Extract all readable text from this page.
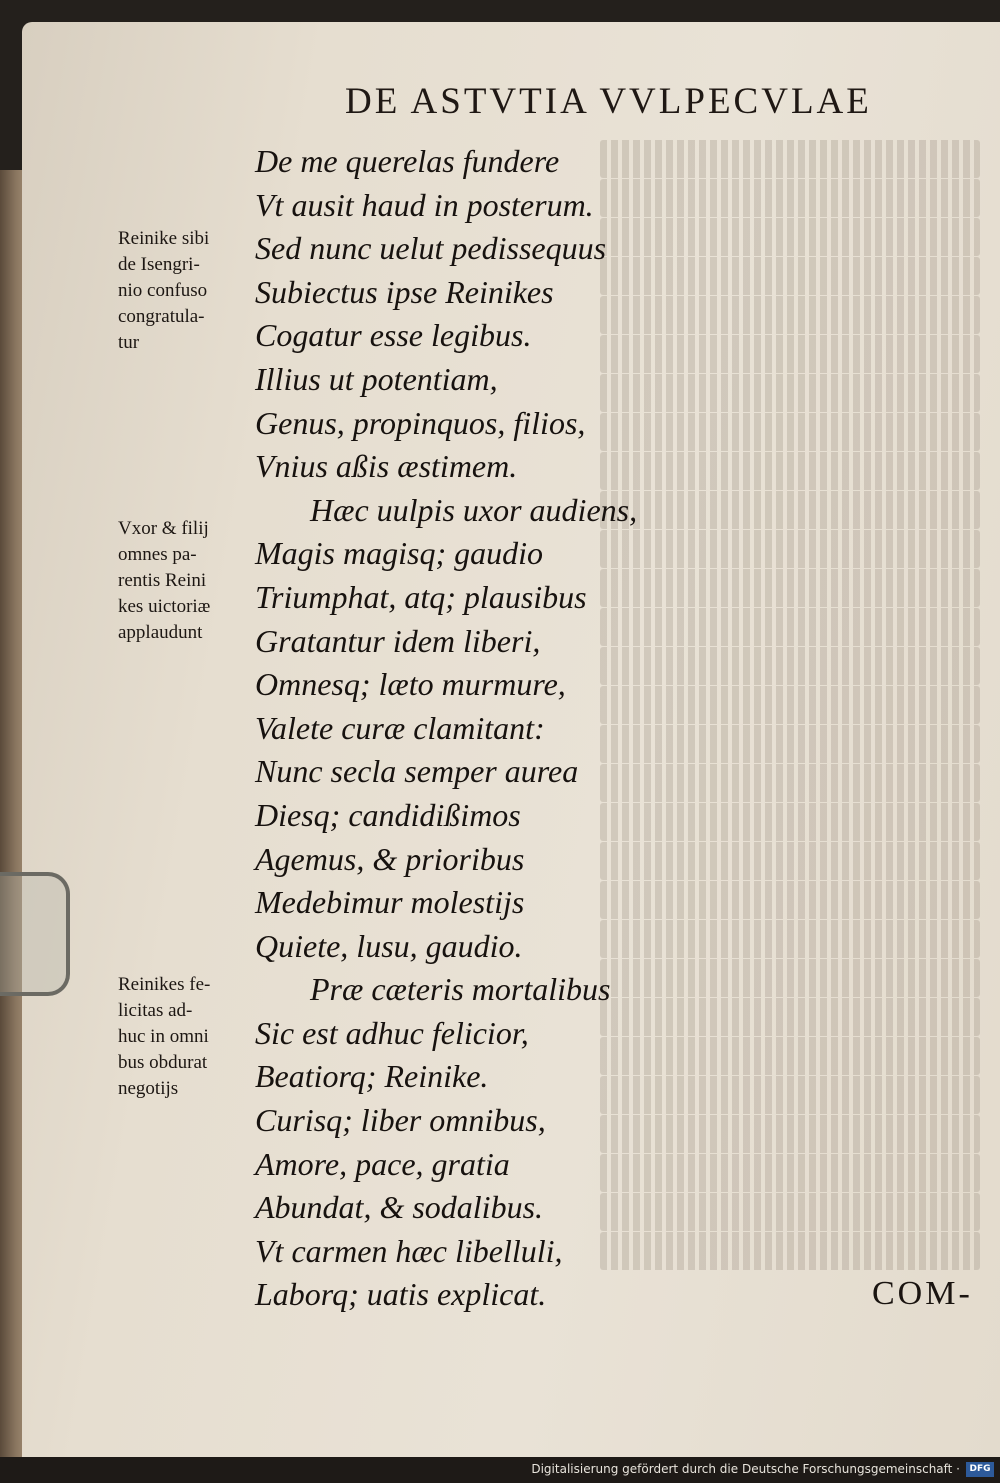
DE ASTVTIA VVLPECVLAE
De me querelas fundere
Vt ausit haud in posterum.
Sed nunc uelut pedissequus
Subiectus ipse Reinikes
Cogatur esse legibus.
Illius ut potentiam,
Genus, propinquos, filios,
Vnius aßis æstimem.
Hæc uulpis uxor audiens,
Magis magisq; gaudio
Triumphat, atq; plausibus
Gratantur idem liberi,
Omnesq; læto murmure,
Valete curæ clamitant:
Nunc secla semper aurea
Diesq; candidißimos
Agemus, & prioribus
Medebimur molestijs
Quiete, lusu, gaudio.
Præ cæteris mortalibus
Sic est adhuc felicior,
Beatiorq; Reinike.
Curisq; liber omnibus,
Amore, pace, gratia
Abundat, & sodalibus.
Vt carmen hæc libelluli,
Laborq; uatis explicat.
Reinike sibi
de Isengri-
nio confuso
congratula-
tur
Vxor & filij
omnes pa-
rentis Reini
kes uictoriæ
applaudunt
Reinikes fe-
licitas ad-
huc in omni
bus obdurat
negotijs
COM-
Digitalisierung gefördert durch die Deutsche Forschungsgemeinschaft ·	DFG
